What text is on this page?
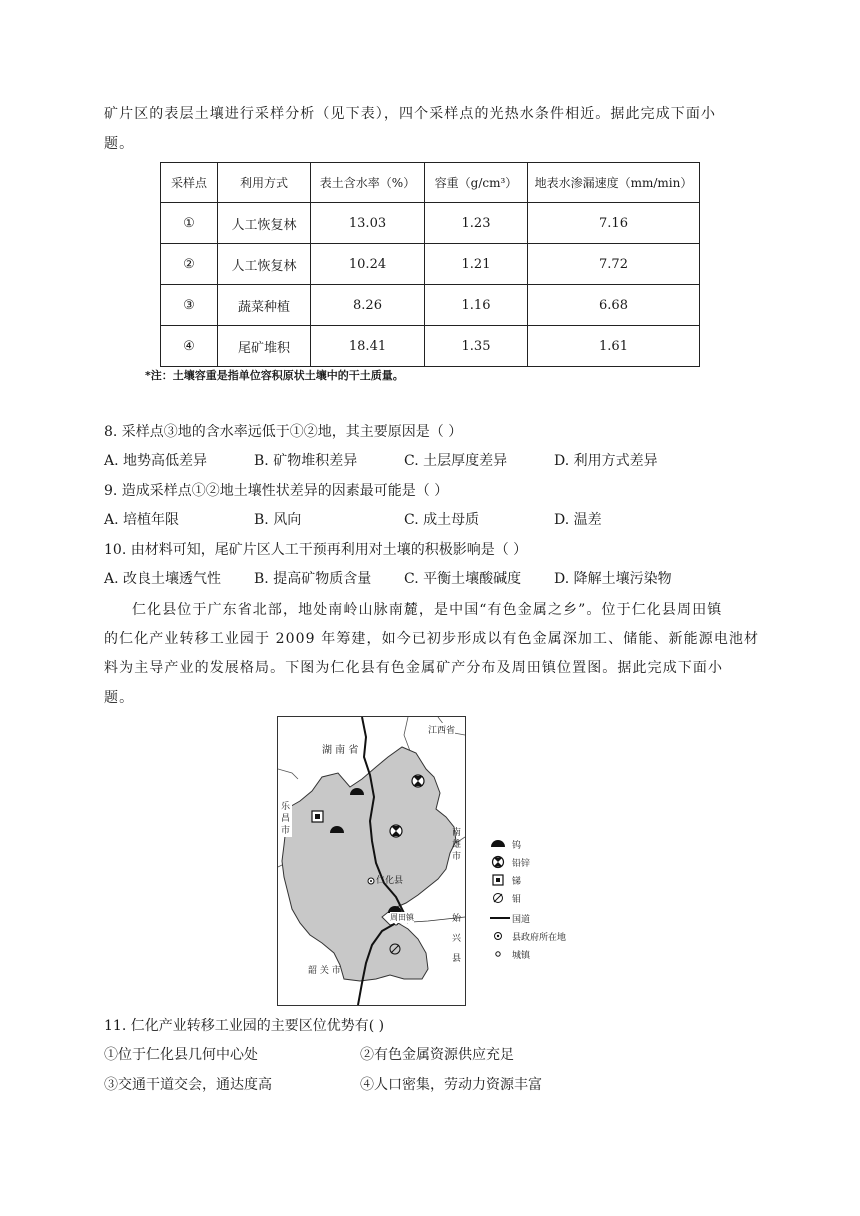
矿片区的表层土壤进行采样分析（见下表），四个采样点的光热水条件相近。据此完成下面小
题。
采样点	利用方式	表土含水率（%）	容重（g/cm³）	地表水渗漏速度（mm/min）
①	人工恢复林	13.03	1.23	7.16
②	人工恢复林	10.24	1.21	7.72
③	蔬菜种植	8.26	1.16	6.68
④	尾矿堆积	18.41	1.35	1.61
*注：土壤容重是指单位容积原状土壤中的干土质量。
8. 采样点③地的含水率远低于①②地，其主要原因是（ ）
A. 地势高低差异	B. 矿物堆积差异	C. 土层厚度差异	D. 利用方式差异
9. 造成采样点①②地土壤性状差异的因素最可能是（ ）
A. 培植年限	B. 风向	C. 成土母质	D. 温差
10. 由材料可知，尾矿片区人工干预再利用对土壤的积极影响是（ ）
A. 改良土壤透气性 B. 提高矿物质含量 C. 平衡土壤酸碱度 D. 降解土壤污染物
仁化县位于广东省北部，地处南岭山脉南麓，是中国“有色金属之乡”。位于仁化县周田镇
的仁化产业转移工业园于 2009 年筹建，如今已初步形成以有色金属深加工、储能、新能源电池材
料为主导产业的发展格局。下图为仁化县有色金属矿产分布及周田镇位置图。据此完成下面小
题。
湖 南 省
江西省
乐昌市	南雄市
仁化县
周田镇	始兴县
韶 关 市
钨
铅锌
锑
钼
国道
县政府所在地
城镇
11. 仁化产业转移工业园的主要区位优势有( )
①位于仁化县几何中心处	②有色金属资源供应充足
③交通干道交会，通达度高	④人口密集，劳动力资源丰富
